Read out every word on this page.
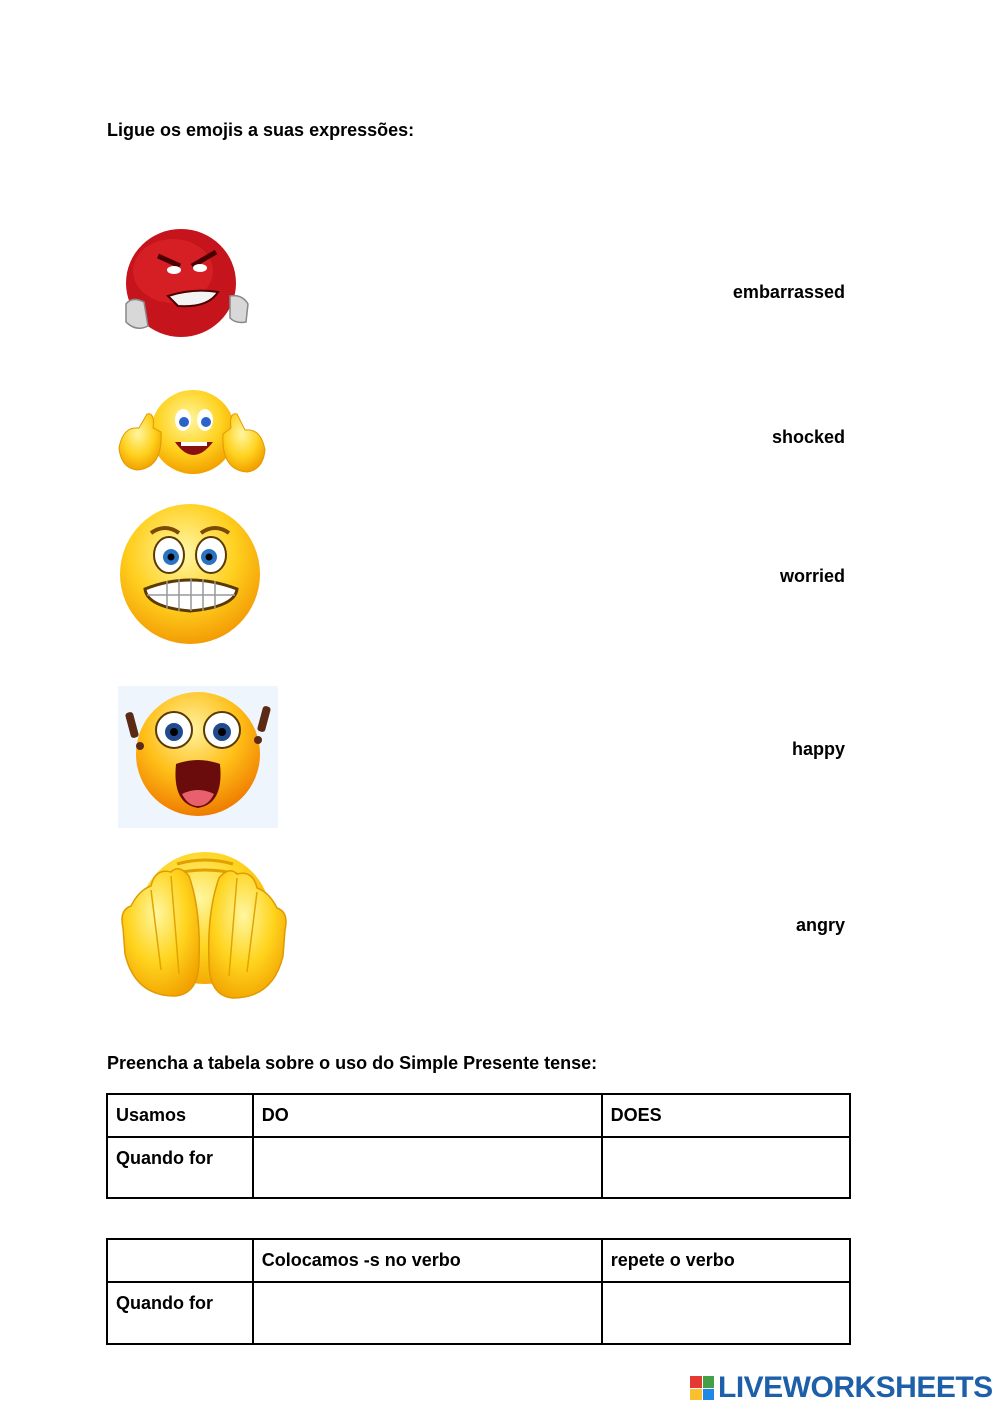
Ligue os emojis a suas expressões:
embarrassed
shocked
worried
happy
angry
Preencha a tabela sobre o uso do Simple Presente tense:
Usamos	DO	DOES
Quando for		
	Colocamos -s no verbo	repete o verbo
Quando for		
LIVEWORKSHEETS
